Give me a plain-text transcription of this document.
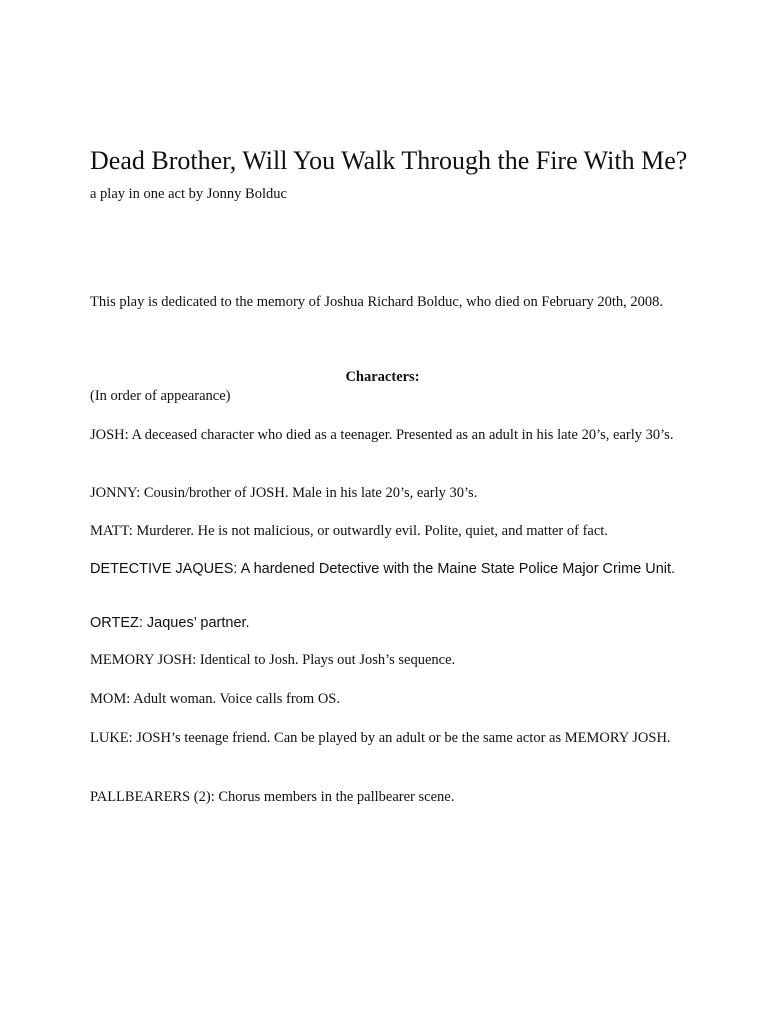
Dead Brother, Will You Walk Through the Fire With Me?
a play in one act by Jonny Bolduc
This play is dedicated to the memory of Joshua Richard Bolduc, who died on February 20th, 2008.
Characters:
(In order of appearance)
JOSH: A deceased character who died as a teenager. Presented as an adult in his late 20’s, early 30’s.
JONNY: Cousin/brother of JOSH. Male in his late 20’s, early 30’s.
MATT: Murderer. He is not malicious, or outwardly evil. Polite, quiet, and matter of fact.
DETECTIVE JAQUES: A hardened Detective with the Maine State Police Major Crime Unit.
ORTEZ: Jaques’ partner.
MEMORY JOSH: Identical to Josh. Plays out Josh’s sequence.
MOM: Adult woman. Voice calls from OS.
LUKE: JOSH’s teenage friend. Can be played by an adult or be the same actor as MEMORY JOSH.
PALLBEARERS (2): Chorus members in the pallbearer scene.
